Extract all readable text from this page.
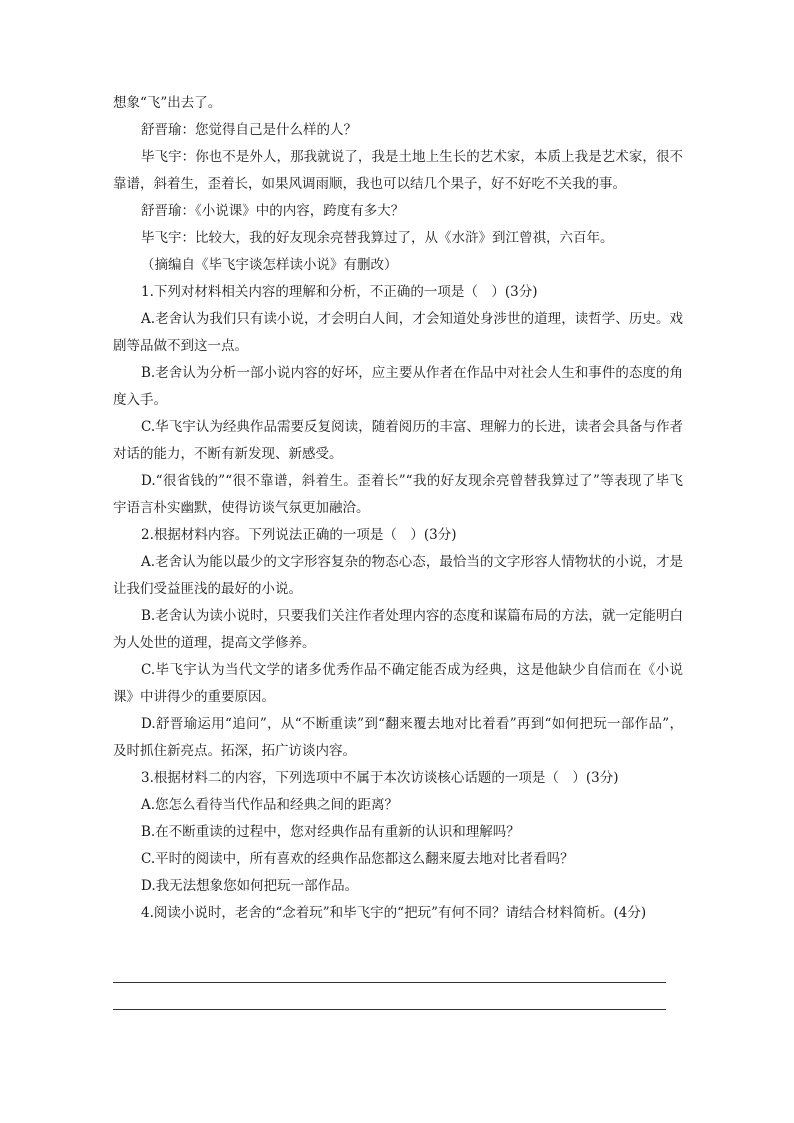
想象“飞”出去了。

舒晋瑜：您觉得自己是什么样的人？

毕飞宇：你也不是外人，那我就说了，我是土地上生长的艺术家，本质上我是艺术家，很不靠谱，斜着生，歪着长，如果风调雨顺，我也可以结几个果子，好不好吃不关我的事。

舒晋瑜：《小说课》中的内容，跨度有多大？

毕飞宇：比较大，我的好友现余亮替我算过了，从《水浒》到江曾祺，六百年。

（摘编自《毕飞宇谈怎样读小说》有删改）

1.下列对材料相关内容的理解和分析，不正确的一项是（　）(3分)

A.老舍认为我们只有读小说，才会明白人间，才会知道处身涉世的道理，读哲学、历史。戏剧等品做不到这一点。

B.老舍认为分析一部小说内容的好坏，应主要从作者在作品中对社会人生和事件的态度的角度入手。

C.华飞宇认为经典作品需要反复阅读，随着阅历的丰富、理解力的长进，读者会具备与作者对话的能力，不断有新发现、新感受。

D.“很省钱的”“很不靠谱，斜着生。歪着长”“我的好友现余亮曾替我算过了”等表现了毕飞宇语言朴实幽默，使得访谈气氛更加融洽。

2.根据材料内容。下列说法正确的一项是（　）(3分)

A.老舍认为能以最少的文字形容复杂的物态心态，最恰当的文字形容人情物状的小说，才是让我们受益匪浅的最好的小说。

B.老舍认为读小说时，只要我们关注作者处理内容的态度和谋篇布局的方法，就一定能明白为人处世的道理，提高文学修养。

C.毕飞宇认为当代文学的诸多优秀作品不确定能否成为经典，这是他缺少自信而在《小说课》中讲得少的重要原因。

D.舒晋瑜运用“追问”，从“不断重读”到“翻来覆去地对比着看”再到“如何把玩一部作品”，及时抓住新亮点。拓深，拓广访谈内容。

3.根据材料二的内容，下列选项中不属于本次访谈核心话题的一项是（　）(3分)

A.您怎么看待当代作品和经典之间的距离？

B.在不断重读的过程中，您对经典作品有重新的认识和理解吗？

C.平时的阅读中，所有喜欢的经典作品您都这么翻来厦去地对比者看吗？

D.我无法想象您如何把玩一部作品。

4.阅读小说时，老舍的“念着玩”和毕飞宇的“把玩”有何不同？请结合材料简析。(4分)
